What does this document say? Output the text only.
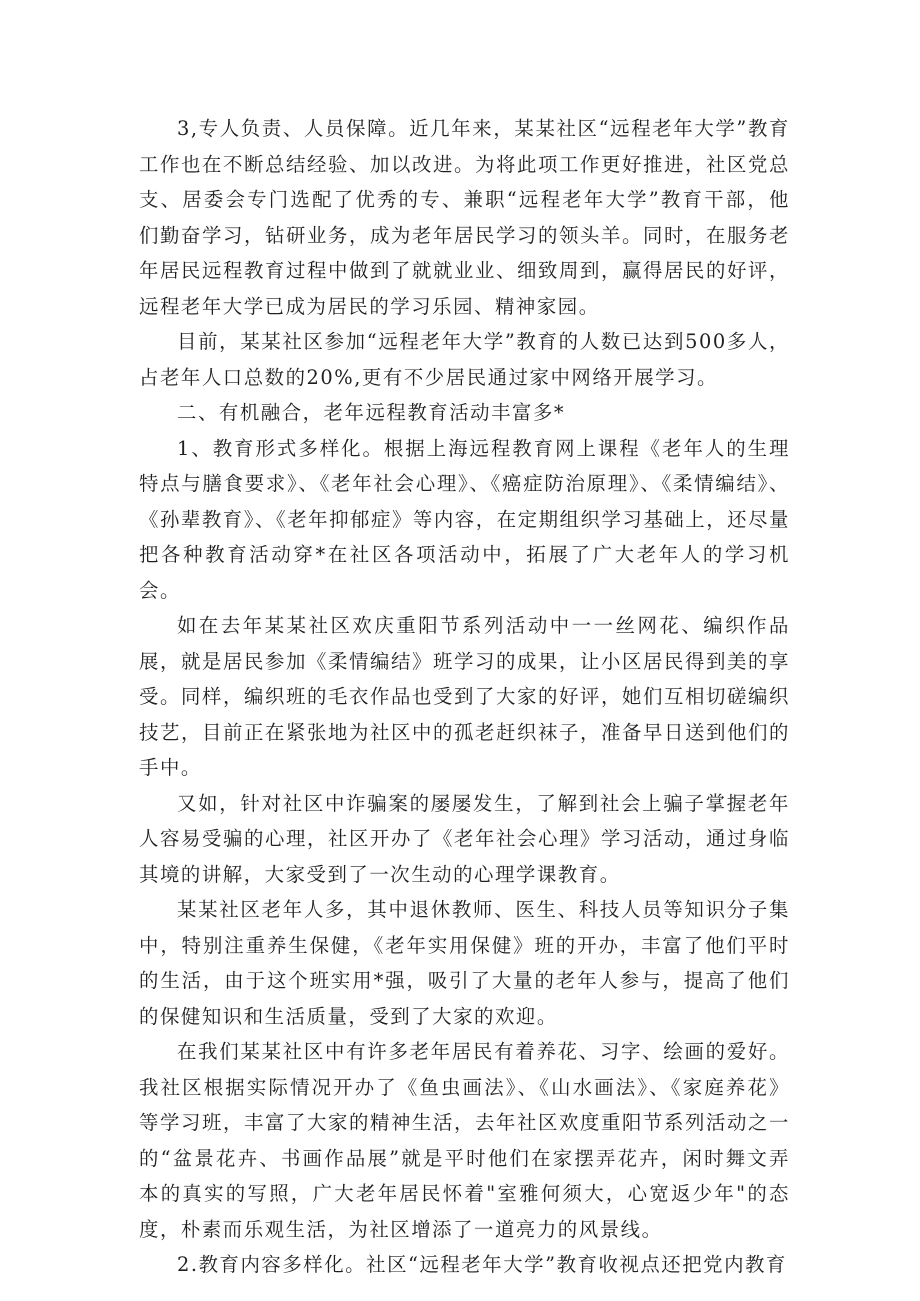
3,专人负责、人员保障。近几年来，某某社区“远程老年大学”教育工作也在不断总结经验、加以改进。为将此项工作更好推进，社区党总支、居委会专门选配了优秀的专、兼职“远程老年大学”教育干部，他们勤奋学习，钻研业务，成为老年居民学习的领头羊。同时，在服务老年居民远程教育过程中做到了就就业业、细致周到，赢得居民的好评，远程老年大学已成为居民的学习乐园、精神家园。

目前，某某社区参加“远程老年大学”教育的人数已达到500多人，占老年人口总数的20%,更有不少居民通过家中网络开展学习。

二、有机融合，老年远程教育活动丰富多*

1、教育形式多样化。根据上海远程教育网上课程《老年人的生理特点与膳食要求》、《老年社会心理》、《癌症防治原理》、《柔情编结》、《孙辈教育》、《老年抑郁症》等内容，在定期组织学习基础上，还尽量把各种教育活动穿*在社区各项活动中，拓展了广大老年人的学习机会。

如在去年某某社区欢庆重阳节系列活动中一一丝网花、编织作品展，就是居民参加《柔情编结》班学习的成果，让小区居民得到美的享受。同样，编织班的毛衣作品也受到了大家的好评，她们互相切磋编织技艺，目前正在紧张地为社区中的孤老赶织袜子，准备早日送到他们的手中。

又如，针对社区中诈骗案的屡屡发生，了解到社会上骗子掌握老年人容易受骗的心理，社区开办了《老年社会心理》学习活动，通过身临其境的讲解，大家受到了一次生动的心理学课教育。

某某社区老年人多，其中退休教师、医生、科技人员等知识分子集中，特别注重养生保健，《老年实用保健》班的开办，丰富了他们平时的生活，由于这个班实用*强，吸引了大量的老年人参与，提高了他们的保健知识和生活质量，受到了大家的欢迎。

在我们某某社区中有许多老年居民有着养花、习字、绘画的爱好。我社区根据实际情况开办了《鱼虫画法》、《山水画法》、《家庭养花》等学习班，丰富了大家的精神生活，去年社区欢度重阳节系列活动之一的“盆景花卉、书画作品展”就是平时他们在家摆弄花卉，闲时舞文弄本的真实的写照，广大老年居民怀着"室雅何须大，心宽返少年"的态度，朴素而乐观生活，为社区增添了一道亮力的风景线。

2.教育内容多样化。社区“远程老年大学”教育收视点还把党内教育
